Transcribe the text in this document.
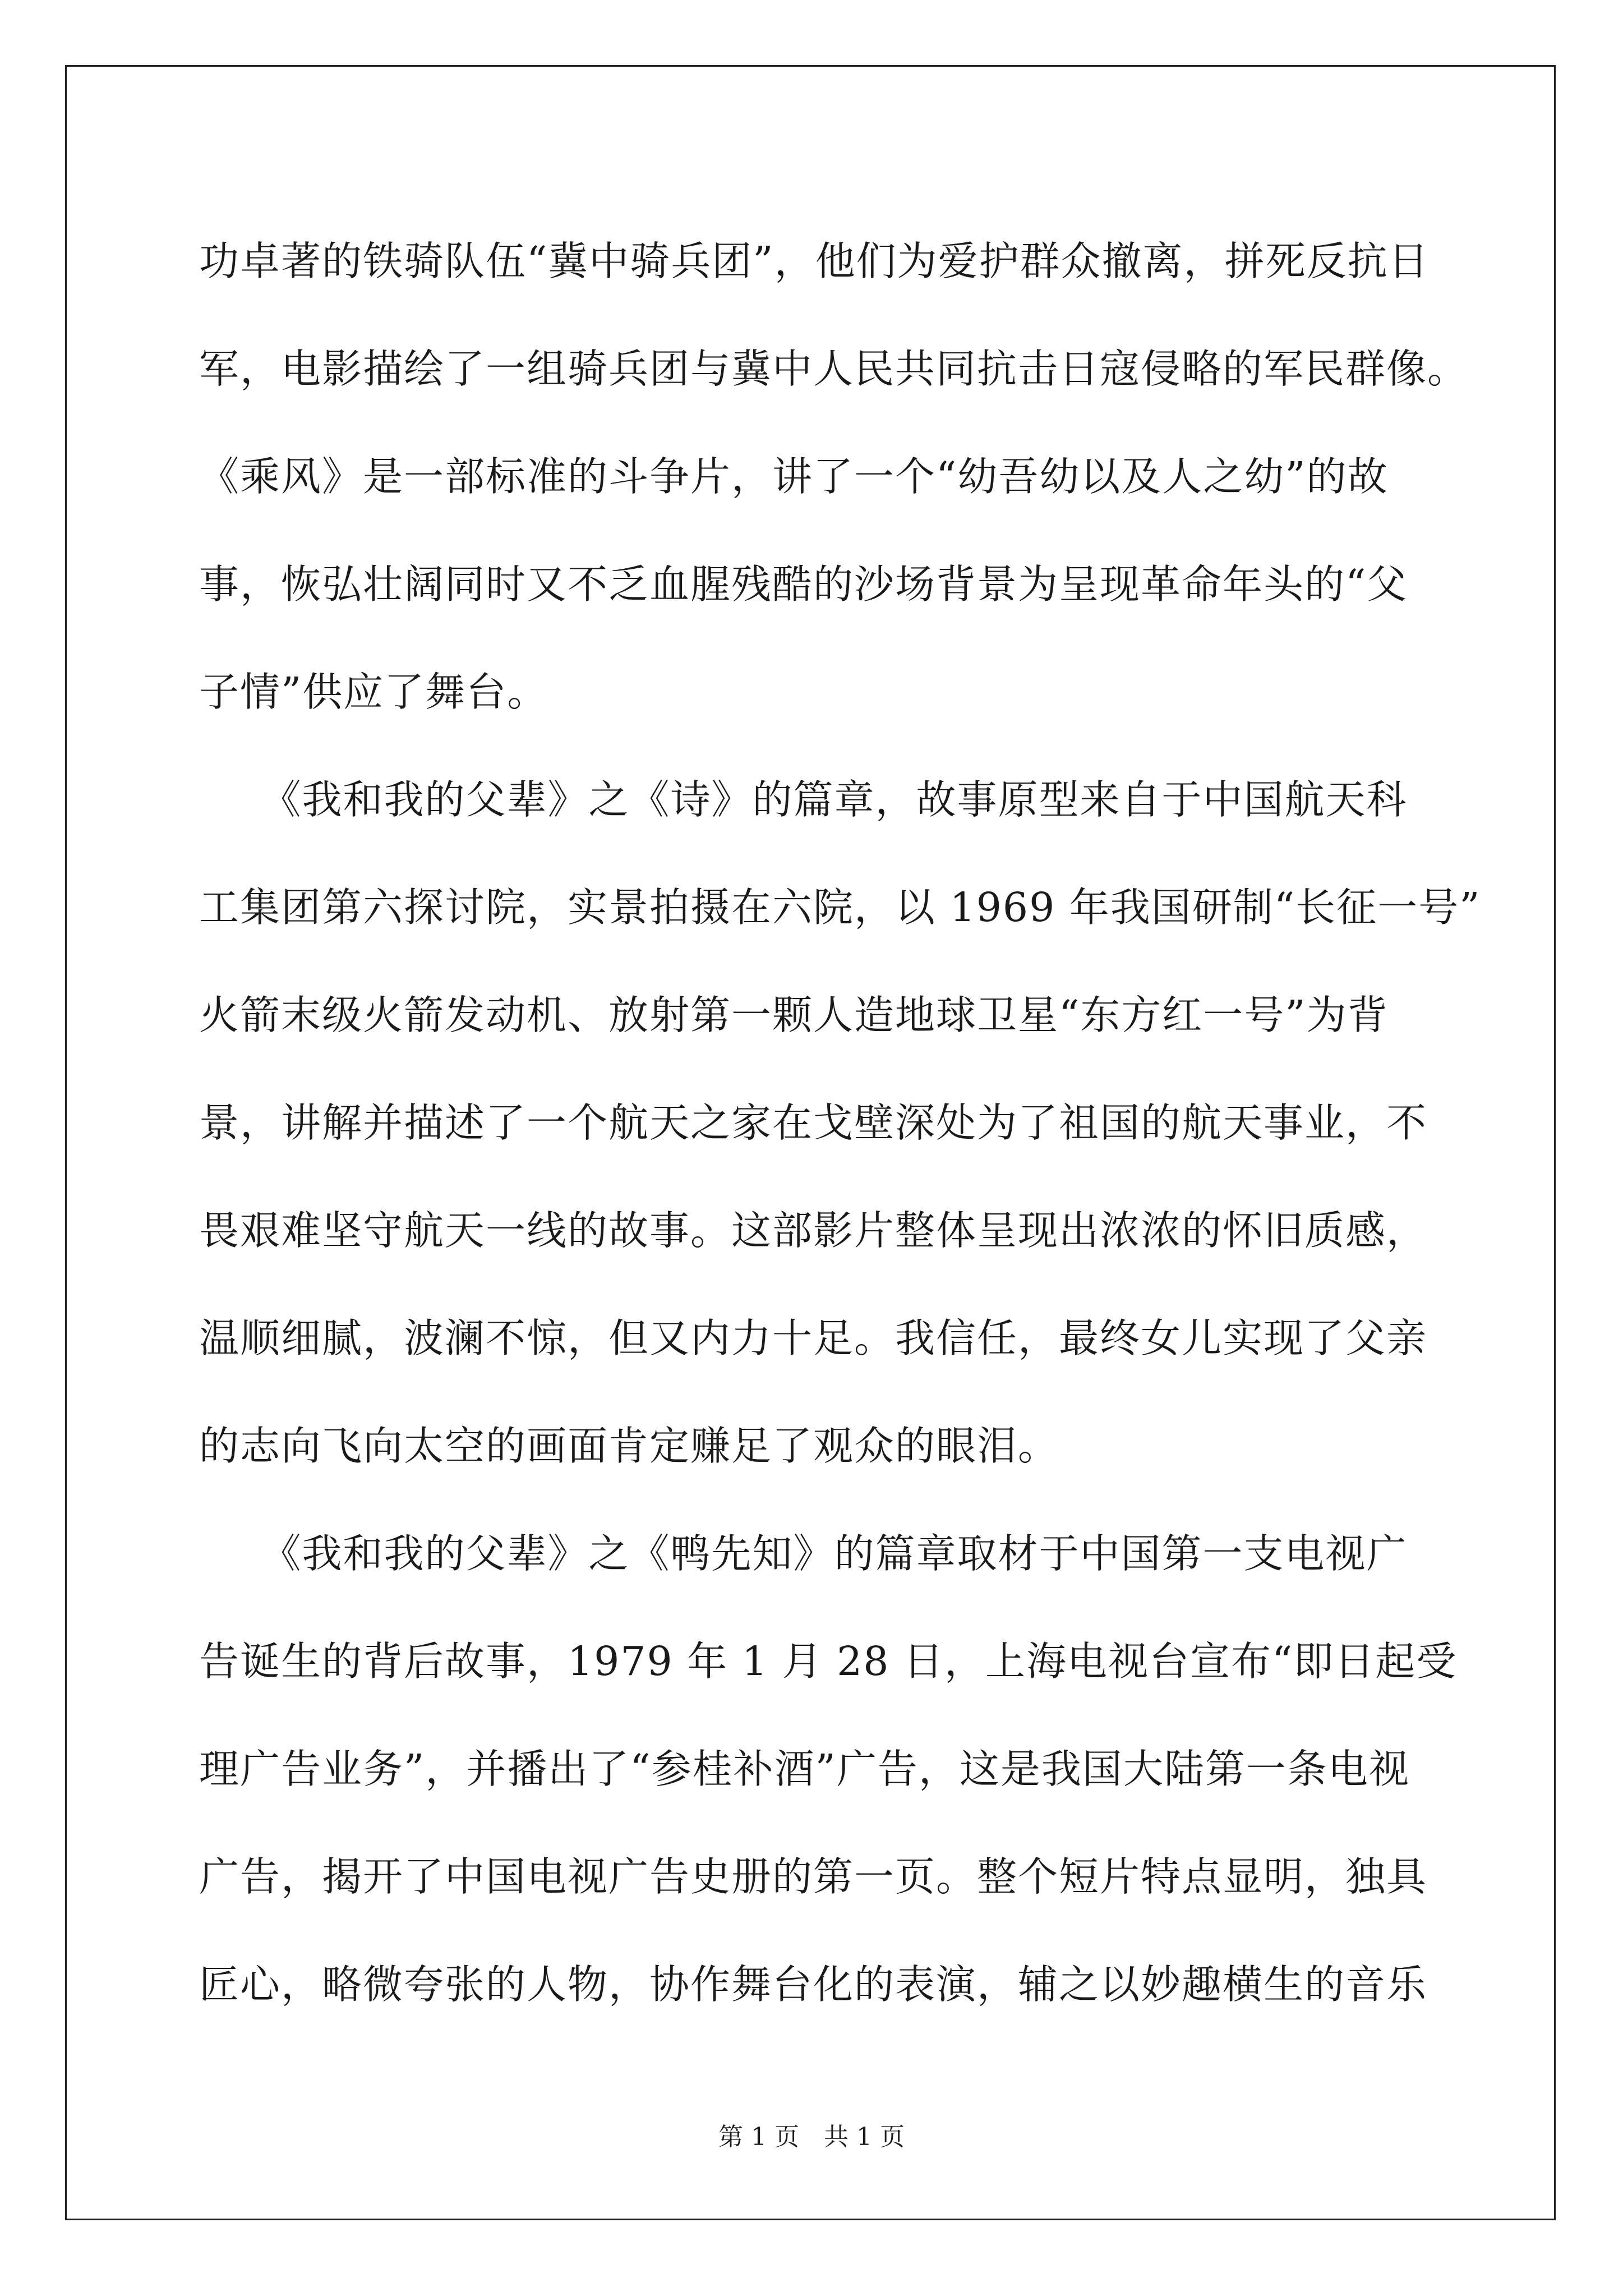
功卓著的铁骑队伍“冀中骑兵团”，他们为爱护群众撤离，拼死反抗日
军，电影描绘了一组骑兵团与冀中人民共同抗击日寇侵略的军民群像。
《乘风》是一部标准的斗争片，讲了一个“幼吾幼以及人之幼”的故
事，恢弘壮阔同时又不乏血腥残酷的沙场背景为呈现革命年头的“父
子情”供应了舞台。
　　《我和我的父辈》之《诗》的篇章，故事原型来自于中国航天科
工集团第六探讨院，实景拍摄在六院，以 1969 年我国研制“长征一号”
火箭末级火箭发动机、放射第一颗人造地球卫星“东方红一号”为背
景，讲解并描述了一个航天之家在戈壁深处为了祖国的航天事业，不
畏艰难坚守航天一线的故事。这部影片整体呈现出浓浓的怀旧质感，
温顺细腻，波澜不惊，但又内力十足。我信任，最终女儿实现了父亲
的志向飞向太空的画面肯定赚足了观众的眼泪。
　　《我和我的父辈》之《鸭先知》的篇章取材于中国第一支电视广
告诞生的背后故事，1979 年 1 月 28 日，上海电视台宣布“即日起受
理广告业务”，并播出了“参桂补酒”广告，这是我国大陆第一条电视
广告，揭开了中国电视广告史册的第一页。整个短片特点显明，独具
匠心，略微夸张的人物，协作舞台化的表演，辅之以妙趣横生的音乐
第 1 页　共 1 页
